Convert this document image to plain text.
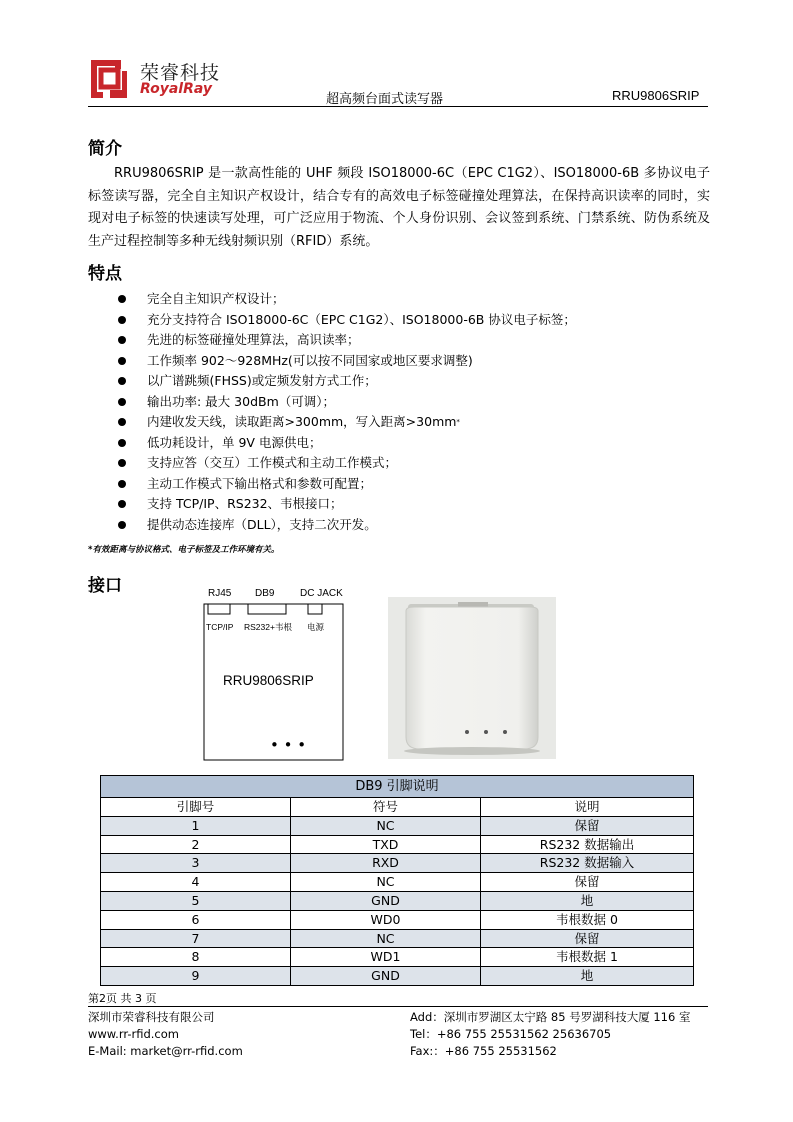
荣睿科技
RoyalRay
超高频台面式读写器	RRU9806SRIP
简介
RRU9806SRIP 是一款高性能的 UHF 频段 ISO18000-6C（EPC C1G2）、ISO18000-6B 多协议电子标签读写器，完全自主知识产权设计，结合专有的高效电子标签碰撞处理算法，在保持高识读率的同时，实现对电子标签的快速读写处理，可广泛应用于物流、个人身份识别、会议签到系统、门禁系统、防伪系统及生产过程控制等多种无线射频识别（RFID）系统。
特点
完全自主知识产权设计；
充分支持符合 ISO18000-6C（EPC C1G2）、ISO18000-6B 协议电子标签；
先进的标签碰撞处理算法，高识读率；
工作频率 902～928MHz(可以按不同国家或地区要求调整)
以广谱跳频(FHSS)或定频发射方式工作；
输出功率: 最大 30dBm（可调）；
内建收发天线，读取距离>300mm，写入距离>30mm*
低功耗设计，单 9V 电源供电；
支持应答（交互）工作模式和主动工作模式；
主动工作模式下输出格式和参数可配置；
支持 TCP/IP、RS232、韦根接口；
提供动态连接库（DLL），支持二次开发。
*有效距离与协议格式、电子标签及工作环境有关。
接口	RJ45 DB9	DC JACK
TCP/IP RS232+韦根 电源
RRU9806SRIP
• • •
DB9 引脚说明		
引脚号	符号	说明
1	NC	保留
2	TXD	RS232 数据输出
3	RXD	RS232 数据输入
4	NC	保留
5	GND	地
6	WD0	韦根数据 0
7	NC	保留
8	WD1	韦根数据 1
9	GND	地
第2页 共 3 页
深圳市荣睿科技有限公司
www.rr-rfid.com
E-Mail: market@rr-rfid.com
Add：深圳市罗湖区太宁路 85 号罗湖科技大厦 116 室
Tel：+86 755 25531562 25636705
Fax:：+86 755 25531562
